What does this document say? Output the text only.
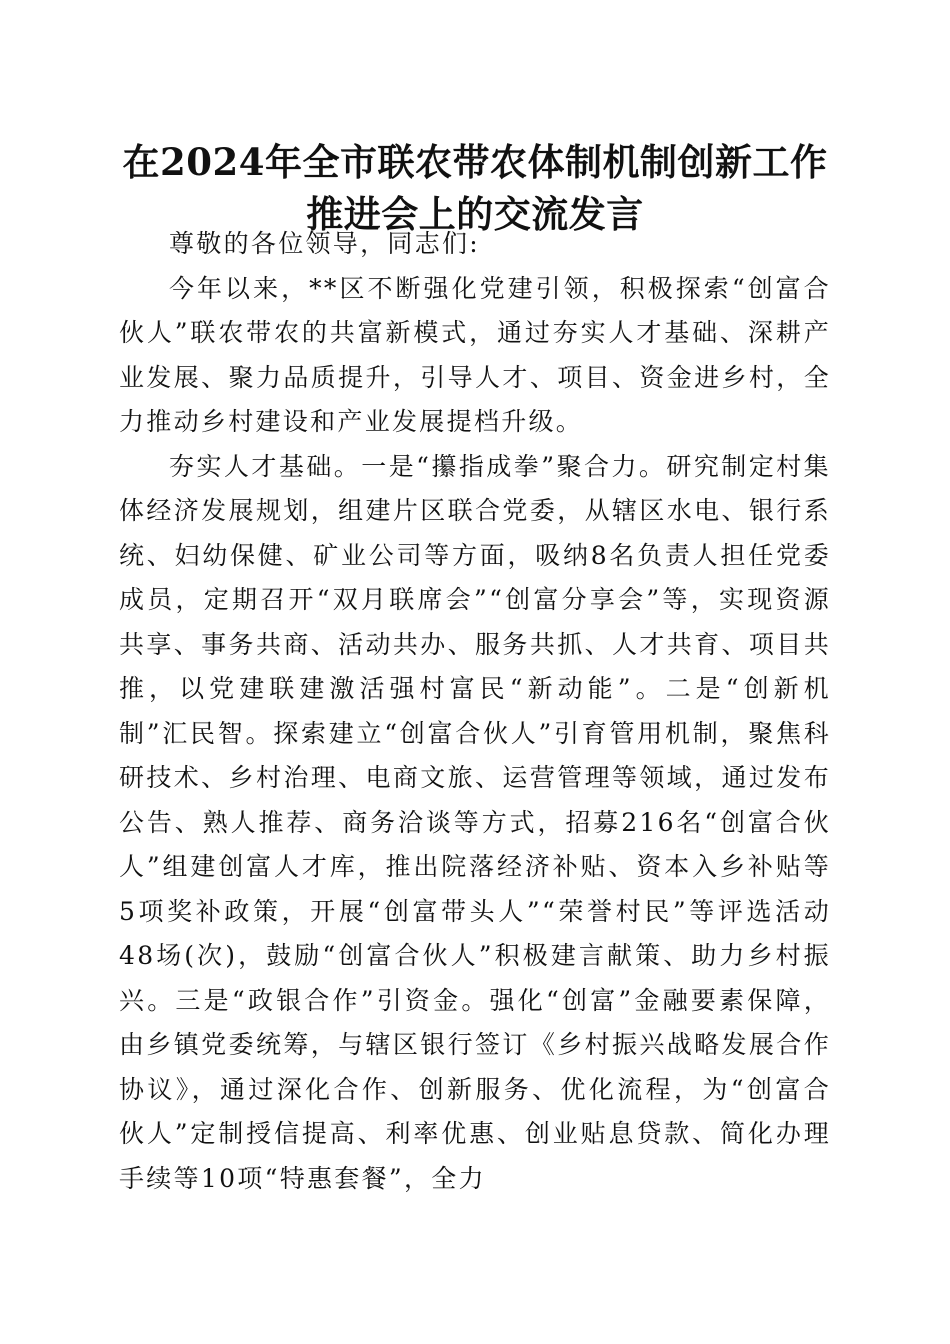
在2024年全市联农带农体制机制创新工作推进会上的交流发言

尊敬的各位领导，同志们:

今年以来，**区不断强化党建引领，积极探索“创富合伙人”联农带农的共富新模式，通过夯实人才基础、深耕产业发展、聚力品质提升，引导人才、项目、资金进乡村，全力推动乡村建设和产业发展提档升级。

夯实人才基础。一是“攥指成拳”聚合力。研究制定村集体经济发展规划，组建片区联合党委，从辖区水电、银行系统、妇幼保健、矿业公司等方面，吸纳8名负责人担任党委成员，定期召开“双月联席会”“创富分享会”等，实现资源共享、事务共商、活动共办、服务共抓、人才共育、项目共推，以党建联建激活强村富民“新动能”。二是“创新机制”汇民智。探索建立“创富合伙人”引育管用机制，聚焦科研技术、乡村治理、电商文旅、运营管理等领域，通过发布公告、熟人推荐、商务洽谈等方式，招募216名“创富合伙人”组建创富人才库，推出院落经济补贴、资本入乡补贴等5项奖补政策，开展“创富带头人”“荣誉村民”等评选活动48场(次)，鼓励“创富合伙人”积极建言献策、助力乡村振兴。三是“政银合作”引资金。强化“创富”金融要素保障，由乡镇党委统筹，与辖区银行签订《乡村振兴战略发展合作协议》，通过深化合作、创新服务、优化流程，为“创富合伙人”定制授信提高、利率优惠、创业贴息贷款、简化办理手续等10项“特惠套餐”，全力
